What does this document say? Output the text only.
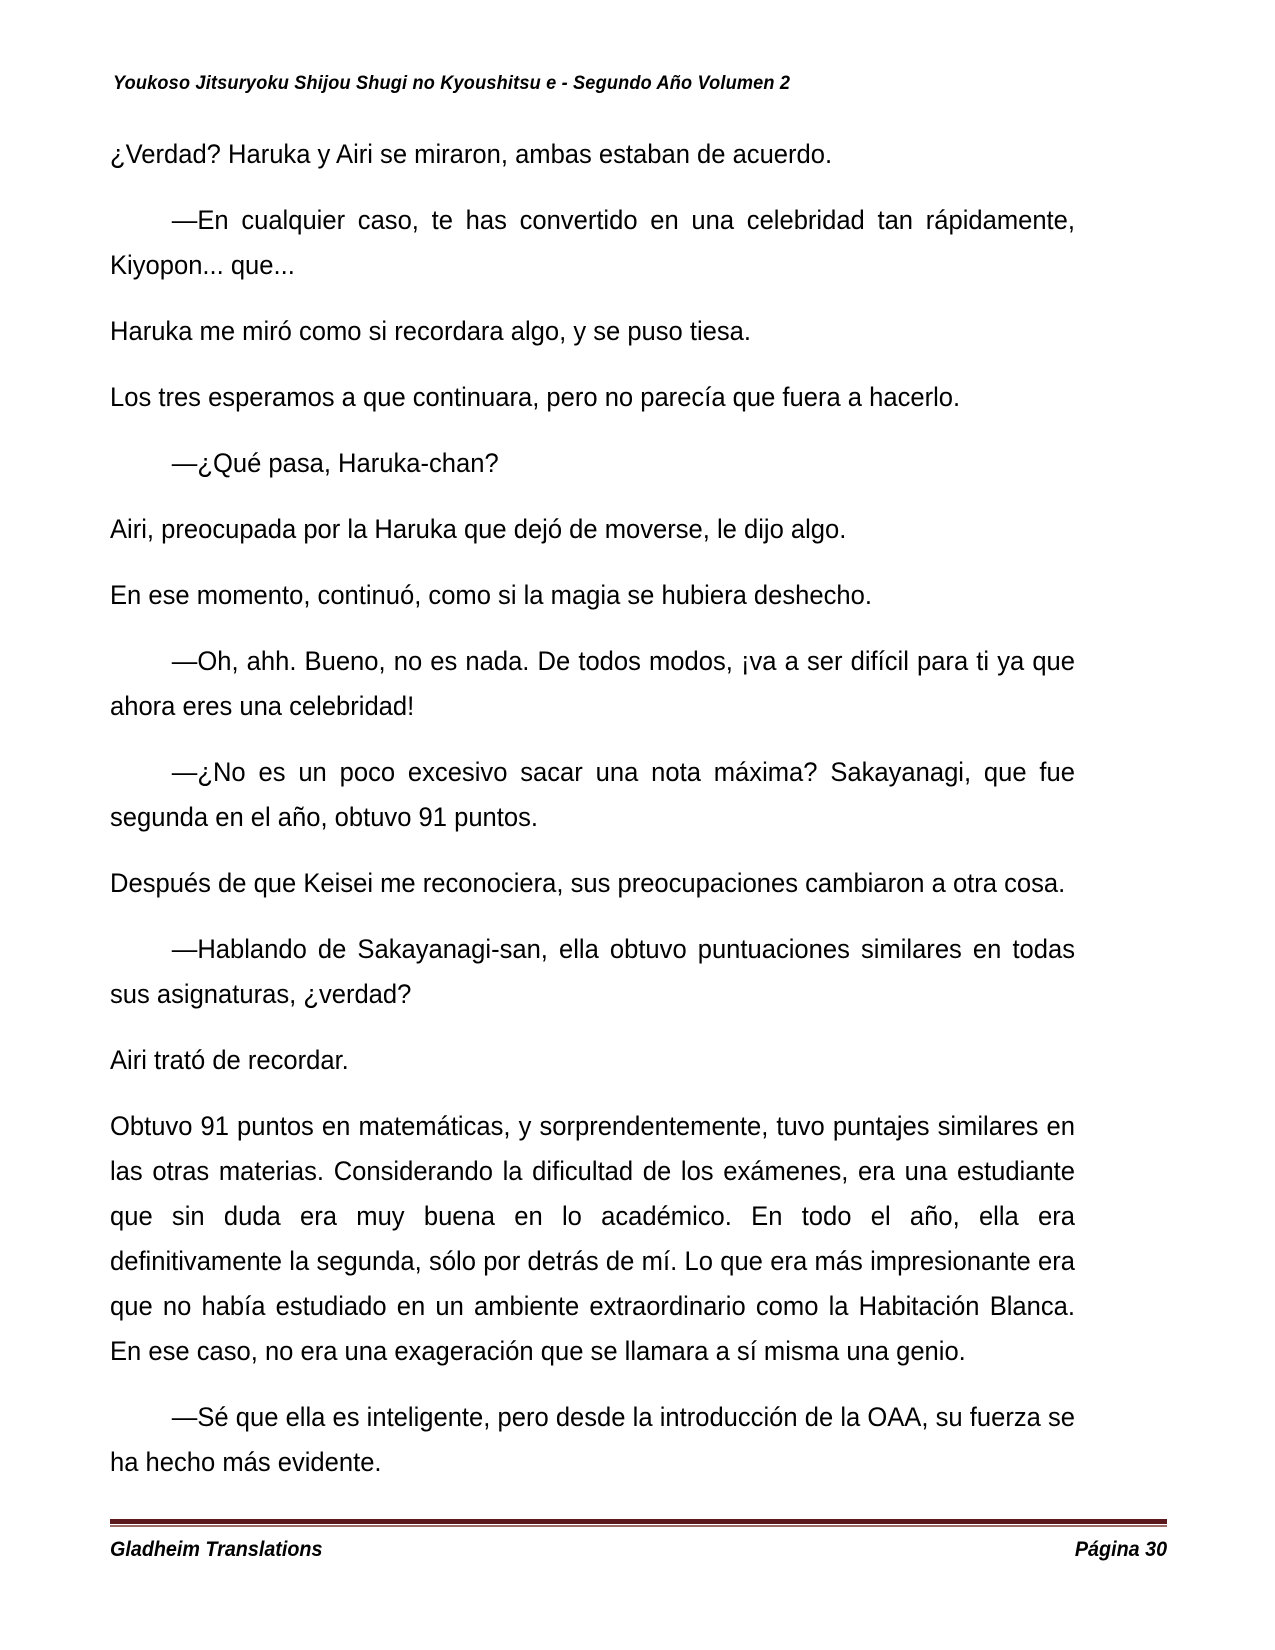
Youkoso Jitsuryoku Shijou Shugi no Kyoushitsu e - Segundo Año Volumen 2

¿Verdad? Haruka y Airi se miraron, ambas estaban de acuerdo.

—En cualquier caso, te has convertido en una celebridad tan rápidamente, Kiyopon... que...

Haruka me miró como si recordara algo, y se puso tiesa.

Los tres esperamos a que continuara, pero no parecía que fuera a hacerlo.

—¿Qué pasa, Haruka-chan?

Airi, preocupada por la Haruka que dejó de moverse, le dijo algo.

En ese momento, continuó, como si la magia se hubiera deshecho.

—Oh, ahh. Bueno, no es nada. De todos modos, ¡va a ser difícil para ti ya que ahora eres una celebridad!

—¿No es un poco excesivo sacar una nota máxima? Sakayanagi, que fue segunda en el año, obtuvo 91 puntos.

Después de que Keisei me reconociera, sus preocupaciones cambiaron a otra cosa.

—Hablando de Sakayanagi-san, ella obtuvo puntuaciones similares en todas sus asignaturas, ¿verdad?

Airi trató de recordar.

Obtuvo 91 puntos en matemáticas, y sorprendentemente, tuvo puntajes similares en las otras materias. Considerando la dificultad de los exámenes, era una estudiante que sin duda era muy buena en lo académico. En todo el año, ella era definitivamente la segunda, sólo por detrás de mí. Lo que era más impresionante era que no había estudiado en un ambiente extraordinario como la Habitación Blanca. En ese caso, no era una exageración que se llamara a sí misma una genio.

—Sé que ella es inteligente, pero desde la introducción de la OAA, su fuerza se ha hecho más evidente.

Gladheim Translations	Página 30
